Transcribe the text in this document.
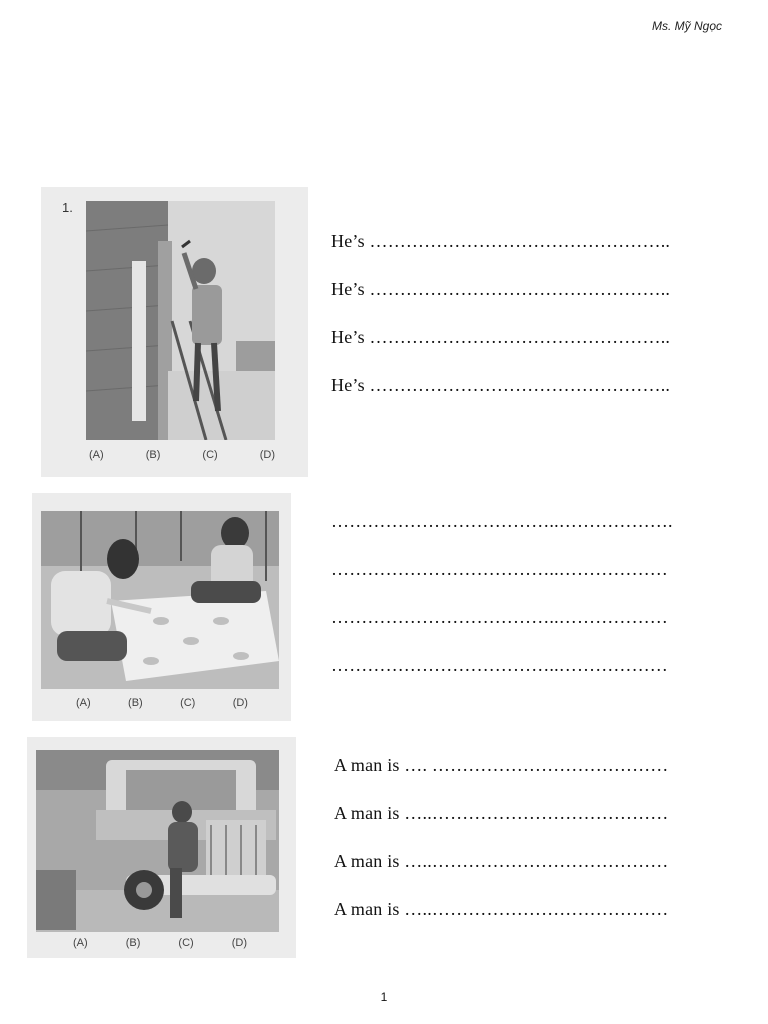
Ms. Mỹ Ngọc
1.
(A)	(B)	(C)	(D)
He’s …………………………………………..
He’s …………………………………………..
He’s …………………………………………..
He’s …………………………………………..
(A)	(B)	(C)	(D)
………………………………..……………….
………………………………..………………
………………………………..………………
………………………………..………………
(A)	(B)	(C)	(D)
A man is …. …………………………………
A man is …..…………………………………
A man is …..…………………………………
A man is …..…………………………………
1
